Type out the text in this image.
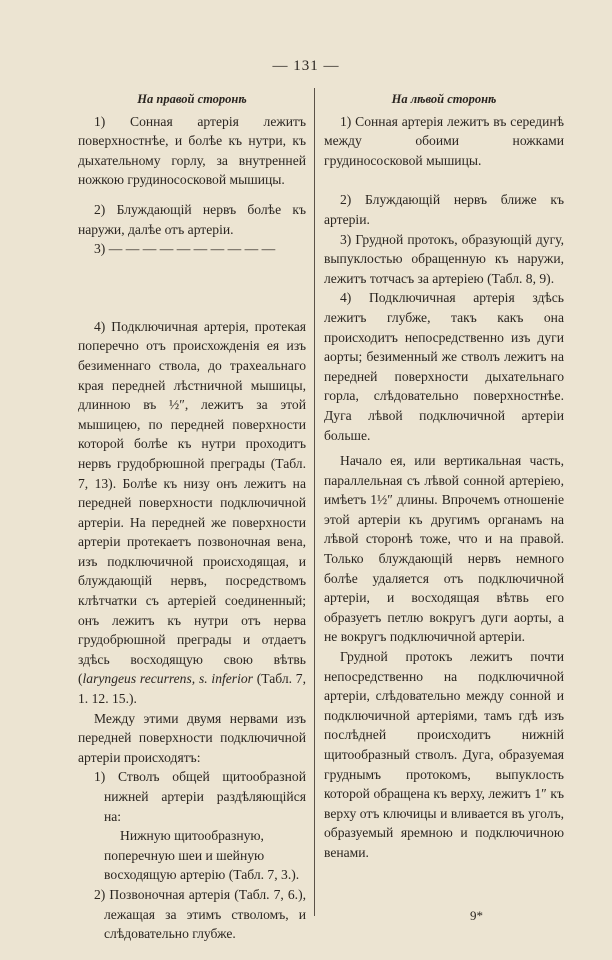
— 131 —
На правой сторонѣ

1) Сонная артерія лежитъ поверхностнѣе, и болѣе къ нутри, къ дыхательному горлу, за внутренней ножкою грудиноcосковой мышицы.

2) Блуждающій нервъ болѣе къ наружи, далѣе отъ артеріи.

3) — — — — — — — — — —

4) Подключичная артерія, протекая поперечно отъ происхожденія ея изъ безименнаго ствола, до трахеальнаго края передней лѣстничной мышицы, длинною въ ½″, лежитъ за этой мышицею, по передней поверхности которой болѣе къ нутри проходитъ нервъ грудобрюшной преграды (Табл. 7, 13). Болѣе къ низу онъ лежитъ на передней поверхности подключичной артеріи. На передней же поверхности артеріи протекаетъ позвоночная вена, изъ подключичной происходящая, и блуждающій нервъ, посредствомъ клѣтчатки съ артеріей соединенный; онъ лежитъ къ нутри отъ нерва грудобрюшной преграды и отдаетъ здѣсь восходящую свою вѣтвь (laryngeus recurrens, s. inferior (Табл. 7, 1. 12. 15.).

Между этими двумя нервами изъ передней поверхности подключичной артеріи происходятъ:

1) Стволъ общей щитообразной нижней артеріи раздѣляющійся на:

Нижную щитообразную, поперечную шеи и шейную восходящую артерію (Табл. 7, 3.).

2) Позвоночная артерія (Табл. 7, 6.), лежащая за этимъ стволомъ, и слѣдовательно глубже.

На лѣвой сторонѣ

1) Сонная артерія лежитъ въ серединѣ между обоими ножками грудиноcосковой мышицы.

2) Блуждающій нервъ ближе къ артеріи.

3) Грудной протокъ, образующій дугу, выпуклостью обращенную къ наружи, лежитъ тотчасъ за артеріею (Табл. 8, 9).

4) Подключичная артерія здѣсь лежитъ глубже, такъ какъ она происходитъ непосредственно изъ дуги аорты; безименный же стволъ лежитъ на передней поверхности дыхательнаго горла, слѣдовательно поверхностнѣе. Дуга лѣвой подключичной артеріи больше.

Начало ея, или вертикальная часть, параллельная съ лѣвой сонной артеріею, имѣетъ 1½″ длины. Впрочемъ отношеніе этой артеріи къ другимъ органамъ на лѣвой сторонѣ тоже, что и на правой. Только блуждающій нервъ немного болѣе удаляется отъ подключичной артеріи, и восходящая вѣтвь его образуетъ петлю вокругъ дуги аорты, а не вокругъ подключичной артеріи.

Грудной протокъ лежитъ почти непосредственно на подключичной артеріи, слѣдовательно между сонной и подключичной артеріями, тамъ гдѣ изъ послѣдней происходитъ нижній щитообразный стволъ. Дуга, образуемая груднымъ протокомъ, выпуклость которой обращена къ верху, лежитъ 1″ къ верху отъ ключицы и вливается въ уголъ, образуемый яремною и подключичною венами.

9*
